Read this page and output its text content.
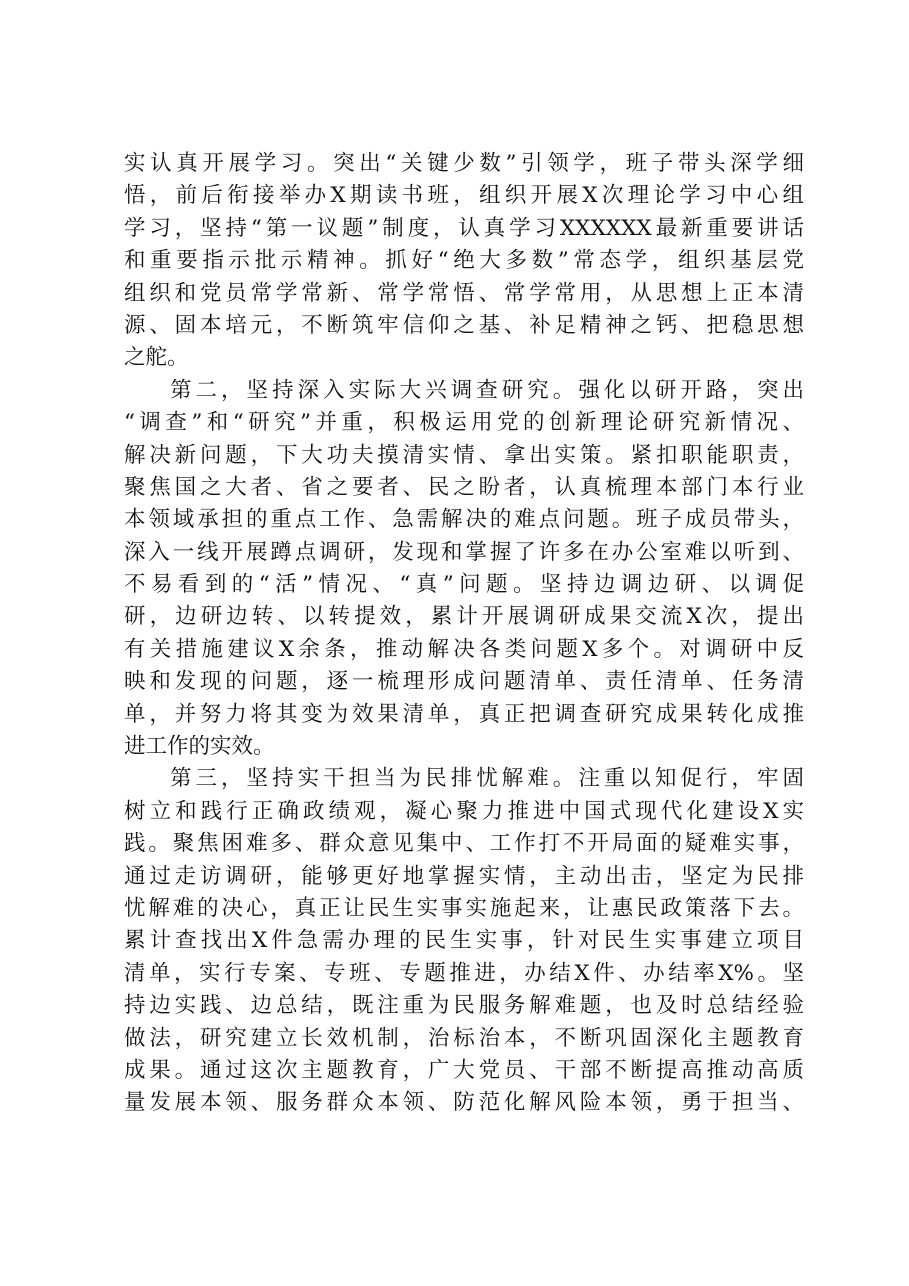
实认真开展学习。突出“关键少数”引领学，班子带头深学细
悟，前后衔接举办X期读书班，组织开展X次理论学习中心组
学习，坚持“第一议题”制度，认真学习XXXXXX最新重要讲话
和重要指示批示精神。抓好“绝大多数”常态学，组织基层党
组织和党员常学常新、常学常悟、常学常用，从思想上正本清
源、固本培元，不断筑牢信仰之基、补足精神之钙、把稳思想
之舵。
第二，坚持深入实际大兴调查研究。强化以研开路，突出
“调查”和“研究”并重，积极运用党的创新理论研究新情况、
解决新问题，下大功夫摸清实情、拿出实策。紧扣职能职责，
聚焦国之大者、省之要者、民之盼者，认真梳理本部门本行业
本领域承担的重点工作、急需解决的难点问题。班子成员带头，
深入一线开展蹲点调研，发现和掌握了许多在办公室难以听到、
不易看到的“活”情况、“真”问题。坚持边调边研、以调促
研，边研边转、以转提效，累计开展调研成果交流X次，提出
有关措施建议X余条，推动解决各类问题X多个。对调研中反
映和发现的问题，逐一梳理形成问题清单、责任清单、任务清
单，并努力将其变为效果清单，真正把调查研究成果转化成推
进工作的实效。
第三，坚持实干担当为民排忧解难。注重以知促行，牢固
树立和践行正确政绩观，凝心聚力推进中国式现代化建设X实
践。聚焦困难多、群众意见集中、工作打不开局面的疑难实事，
通过走访调研，能够更好地掌握实情，主动出击，坚定为民排
忧解难的决心，真正让民生实事实施起来，让惠民政策落下去。
累计查找出X件急需办理的民生实事，针对民生实事建立项目
清单，实行专案、专班、专题推进，办结X件、办结率X%。坚
持边实践、边总结，既注重为民服务解难题，也及时总结经验
做法，研究建立长效机制，治标治本，不断巩固深化主题教育
成果。通过这次主题教育，广大党员、干部不断提高推动高质
量发展本领、服务群众本领、防范化解风险本领，勇于担当、
